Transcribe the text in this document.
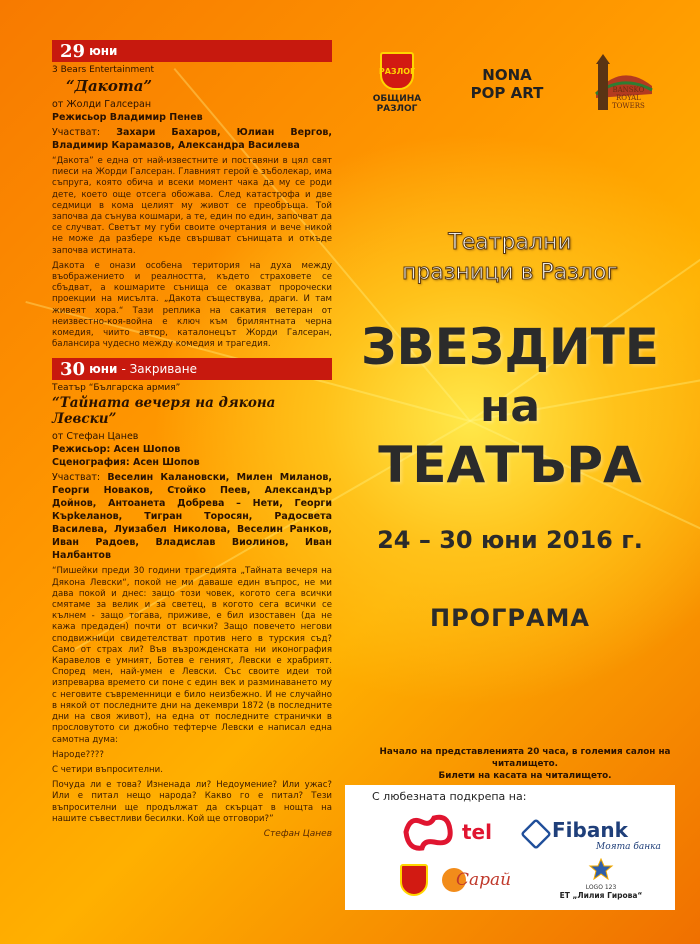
29 юни
3 Bears Entertainment
“Дакота”
от Жолди Галсеран
Режисьор Владимир Пенев
Участват: Захари Бахаров, Юлиан Вергов, Владимир Карамазов, Александра Василева
“Дакота” е една от най-известните и поставяни в цял свят пиеси на Жорди Галсеран. Главният герой е зъболекар, има съпруга, която обича и всеки момент чака да му се роди дете, което още отсега обожава. След катастрофа и две седмици в кома целият му живот се преобръща. Той започва да сънува кошмари, а те, един по един, започват да се случват. Светът му губи своите очертания и вече никой не може да разбере къде свършват сънищата и откъде започва истината.
Дакота е онази особена територия на духа между въображението и реалността, където страховете се сбъдват, а кошмарите сънища се оказват пророчески проекции на мисълта. „Дакота съществува, драги. И там живеят хора.“ Тази реплика на сакатия ветеран от неизвестно-коя-война е ключ към брилянтната черна комедия, чиито автор, каталонецът Жорди Галсеран, балансира чудесно между комедия и трагедия.
30 юни - Закриване
Театър “Българска армия”
“Тайната вечеря на дякона Левски”
от Стефан Цанев
Режисьор: Асен Шопов
Сценография: Асен Шопов
Участват: Веселин Калановски, Милен Миланов, Георги Новаков, Стойко Пеев, Александър Дойнов, Антоанета Добрева – Нети, Георги Кърkeланов, Тигран Торосян, Радосвета Василева, Луизабел Николова, Веселин Ранков, Иван Радоев, Владислав Виолинов, Иван Налбантов
“Пишейки преди 30 години трагедията „Тайната вечеря на Дякона Левски“, покой не ми даваше един въпрос, не ми дава покой и днес: защо този човек, когото сега всички смятаме за велик и за светец, в когото сега всички се кълнем - защо тогава, приживе, е бил изоставен (да не кажа предаден) почти от всички? Защо повечето негови сподвижници свидетелстват против него в турския съд? Само от страх ли? Във възрожденската ни иконография Каравелов е умният, Ботев е геният, Левски е храбрият. Според мен, най-умен е Левски. Със своите идеи той изпреварва времето си поне с един век и разминаването му с неговите съвременници е било неизбежно. И не случайно в някой от последните дни на декември 1872 (в последните дни на своя живот), на една от последните странички в прословутото си джобно тефтерче Левски е написал една самотна дума:
Народе????
С четири въпросителни.
Почуда ли е това? Изненада ли? Недоумение? Или ужас? Или е питал нещо народа? Какво го е питал? Тези въпросителни ще продължат да скърцат в нощта на нашите съвестливи бесилки. Кой ще отговори?”
Стефан Цанев
РАЗЛОГ
ОБЩИНА
РАЗЛОГ
NONA
POP ART	BANSKO
ROYAL
TOWERS
Театрални
празници в Разлог
ЗВЕЗДИТЕ
на
ТЕАТЪРА
24 – 30 юни 2016 г.
ПРОГРАМА
Начало на представленията 20 часа, в големия салон на читалището.
Билети на касата на читалището.
С любезната подкрепа на:
tel	Fibank
Моята банка
Сарай	LOGO 123
ЕТ „Лилия Гирова“
